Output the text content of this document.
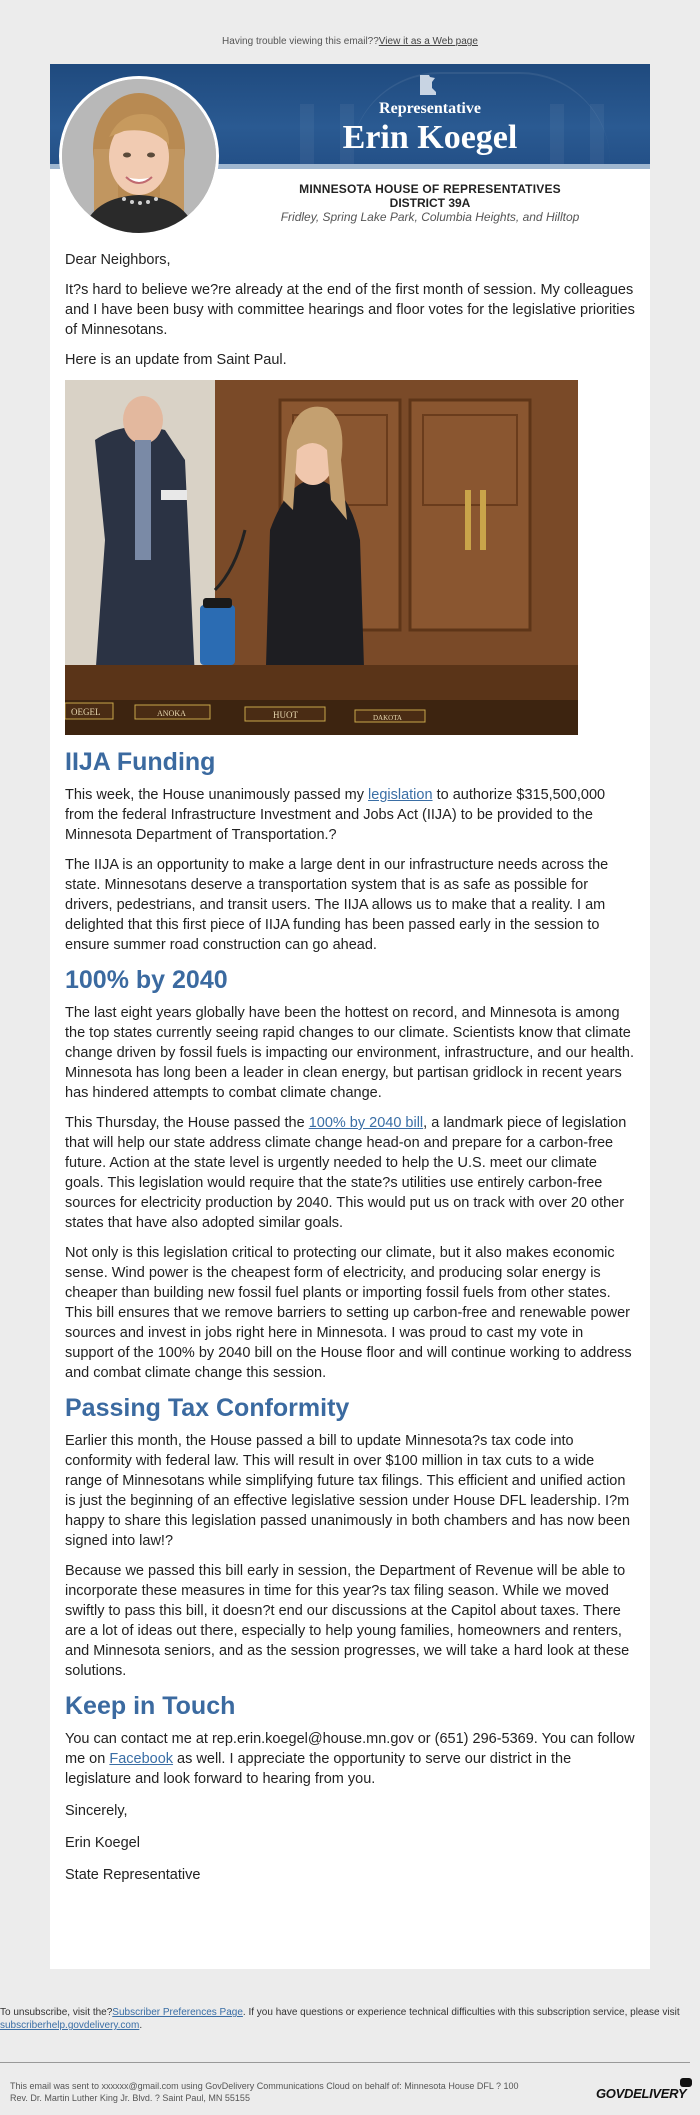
Having trouble viewing this email??View it as a Web page
Representative
Erin Koegel
MINNESOTA HOUSE OF REPRESENTATIVES
DISTRICT 39A
Fridley, Spring Lake Park, Columbia Heights, and Hilltop

Dear Neighbors,

It?s hard to believe we?re already at the end of the first month of session. My colleagues and I have been busy with committee hearings and floor votes for the legislative priorities of Minnesotans.

Here is an update from Saint Paul.

OEGEL	ANOKA	HUOT	DAKOTA
IIJA Funding

This week, the House unanimously passed my legislation to authorize $315,500,000 from the federal Infrastructure Investment and Jobs Act (IIJA) to be provided to the Minnesota Department of Transportation.?

The IIJA is an opportunity to make a large dent in our infrastructure needs across the state. Minnesotans deserve a transportation system that is as safe as possible for drivers, pedestrians, and transit users. The IIJA allows us to make that a reality. I am delighted that this first piece of IIJA funding has been passed early in the session to ensure summer road construction can go ahead.

100% by 2040

The last eight years globally have been the hottest on record, and Minnesota is among the top states currently seeing rapid changes to our climate. Scientists know that climate change driven by fossil fuels is impacting our environment, infrastructure, and our health. Minnesota has long been a leader in clean energy, but partisan gridlock in recent years has hindered attempts to combat climate change.

This Thursday, the House passed the 100% by 2040 bill, a landmark piece of legislation that will help our state address climate change head-on and prepare for a carbon-free future. Action at the state level is urgently needed to help the U.S. meet our climate goals. This legislation would require that the state?s utilities use entirely carbon-free sources for electricity production by 2040. This would put us on track with over 20 other states that have also adopted similar goals.

Not only is this legislation critical to protecting our climate, but it also makes economic sense. Wind power is the cheapest form of electricity, and producing solar energy is cheaper than building new fossil fuel plants or importing fossil fuels from other states. This bill ensures that we remove barriers to setting up carbon-free and renewable power sources and invest in jobs right here in Minnesota. I was proud to cast my vote in support of the 100% by 2040 bill on the House floor and will continue working to address and combat climate change this session.

Passing Tax Conformity

Earlier this month, the House passed a bill to update Minnesota?s tax code into conformity with federal law. This will result in over $100 million in tax cuts to a wide range of Minnesotans while simplifying future tax filings. This efficient and unified action is just the beginning of an effective legislative session under House DFL leadership. I?m happy to share this legislation passed unanimously in both chambers and has now been signed into law!?

Because we passed this bill early in session, the Department of Revenue will be able to incorporate these measures in time for this year?s tax filing season. While we moved swiftly to pass this bill, it doesn?t end our discussions at the Capitol about taxes. There are a lot of ideas out there, especially to help young families, homeowners and renters, and Minnesota seniors, and as the session progresses, we will take a hard look at these solutions.

Keep in Touch

You can contact me at rep.erin.koegel@house.mn.gov or (651) 296-5369. You can follow me on Facebook as well. I appreciate the opportunity to serve our district in the legislature and look forward to hearing from you.

Sincerely,

Erin Koegel

State Representative

To unsubscribe, visit the?Subscriber Preferences Page. If you have questions or experience technical difficulties with this subscription service, please visit subscriberhelp.govdelivery.com.
This email was sent to xxxxxx@gmail.com using GovDelivery Communications Cloud on behalf of: Minnesota House DFL ? 100
Rev. Dr. Martin Luther King Jr. Blvd. ? Saint Paul, MN 55155	GOVDELIVERY
